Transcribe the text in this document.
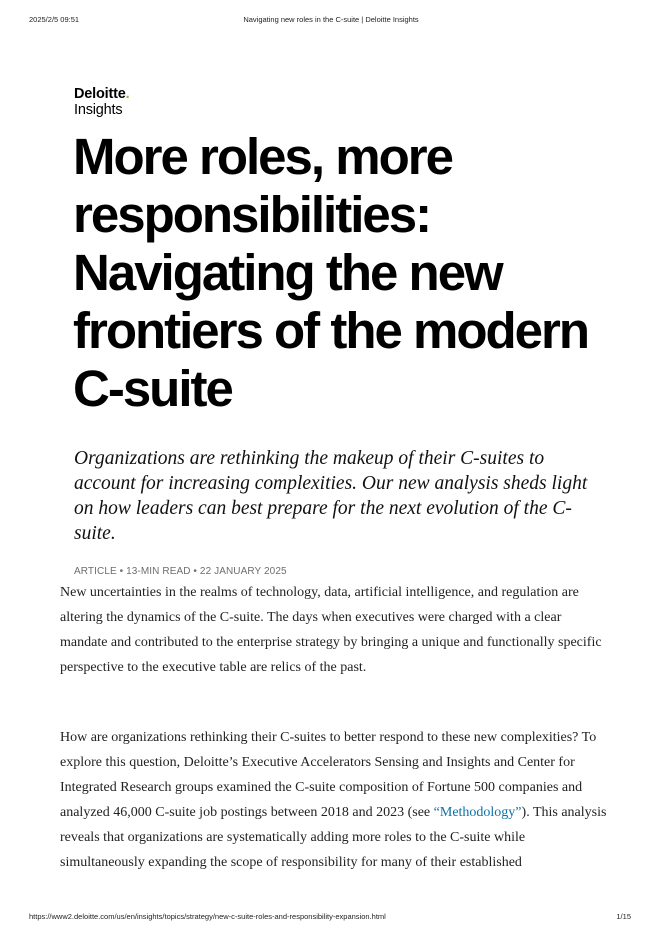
2025/2/5 09:51	Navigating new roles in the C-suite | Deloitte Insights
Deloitte.
Insights
More roles, more responsibilities: Navigating the new frontiers of the modern C-suite

Organizations are rethinking the makeup of their C-suites to account for increasing complexities. Our new analysis sheds light on how leaders can best prepare for the next evolution of the C-suite.

ARTICLE • 13-MIN READ • 22 JANUARY 2025

New uncertainties in the realms of technology, data, artificial intelligence, and regulation are altering the dynamics of the C-suite. The days when executives were charged with a clear mandate and contributed to the enterprise strategy by bringing a unique and functionally specific perspective to the executive table are relics of the past.

How are organizations rethinking their C-suites to better respond to these new complexities? To explore this question, Deloitte’s Executive Accelerators Sensing and Insights and Center for Integrated Research groups examined the C-suite composition of Fortune 500 companies and analyzed 46,000 C-suite job postings between 2018 and 2023 (see “Methodology”). This analysis reveals that organizations are systematically adding more roles to the C-suite while simultaneously expanding the scope of responsibility for many of their established

https://www2.deloitte.com/us/en/insights/topics/strategy/new-c-suite-roles-and-responsibility-expansion.html	1/15
